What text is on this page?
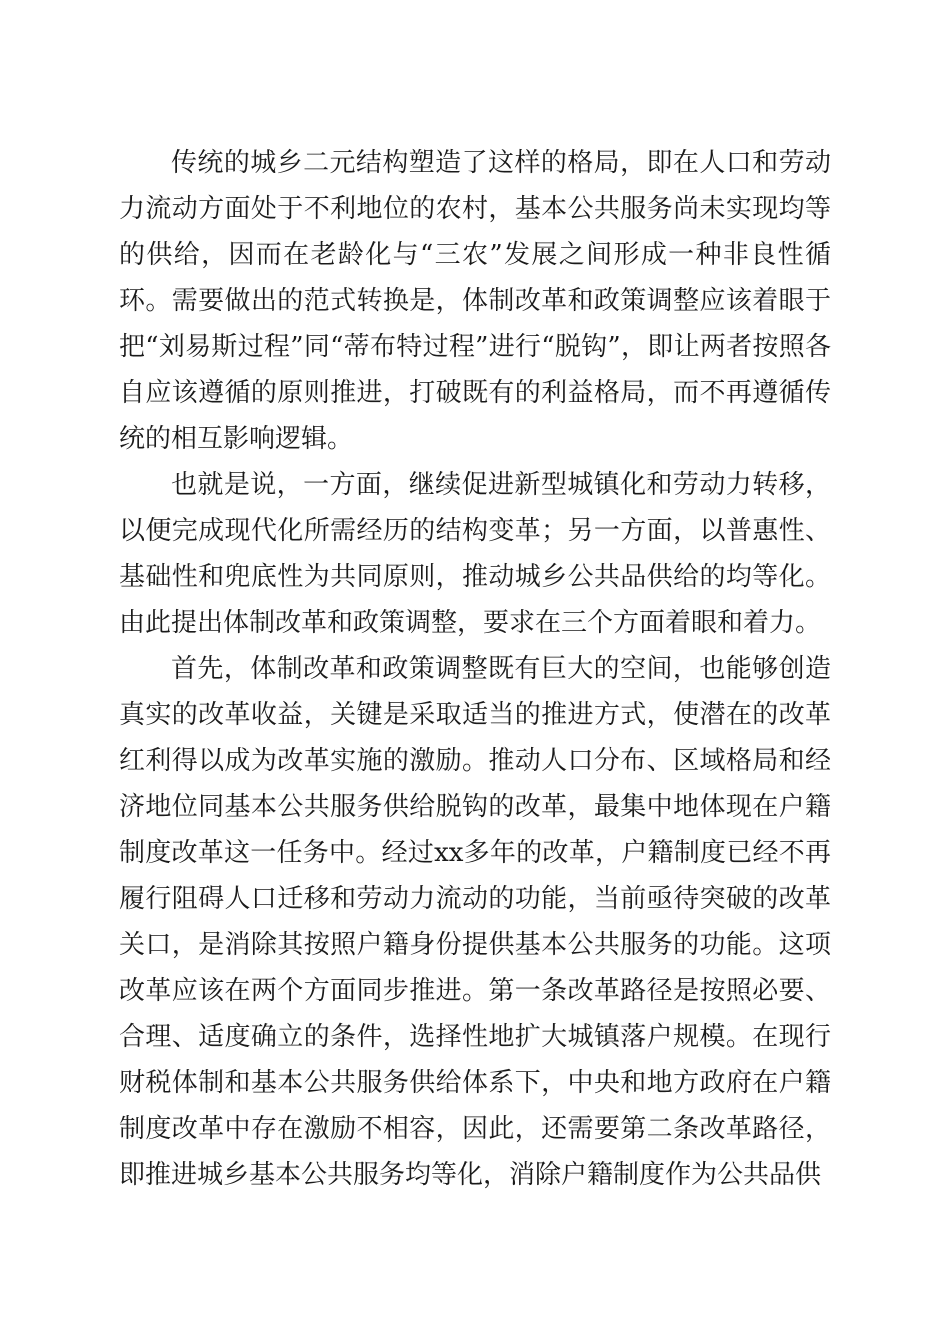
传统的城乡二元结构塑造了这样的格局，即在人口和劳动力流动方面处于不利地位的农村，基本公共服务尚未实现均等的供给，因而在老龄化与“三农”发展之间形成一种非良性循环。需要做出的范式转换是，体制改革和政策调整应该着眼于把“刘易斯过程”同“蒂布特过程”进行“脱钩”，即让两者按照各自应该遵循的原则推进，打破既有的利益格局，而不再遵循传统的相互影响逻辑。

也就是说，一方面，继续促进新型城镇化和劳动力转移，以便完成现代化所需经历的结构变革；另一方面，以普惠性、基础性和兜底性为共同原则，推动城乡公共品供给的均等化。由此提出体制改革和政策调整，要求在三个方面着眼和着力。

首先，体制改革和政策调整既有巨大的空间，也能够创造真实的改革收益，关键是采取适当的推进方式，使潜在的改革红利得以成为改革实施的激励。推动人口分布、区域格局和经济地位同基本公共服务供给脱钩的改革，最集中地体现在户籍制度改革这一任务中。经过xx多年的改革，户籍制度已经不再履行阻碍人口迁移和劳动力流动的功能，当前亟待突破的改革关口，是消除其按照户籍身份提供基本公共服务的功能。这项改革应该在两个方面同步推进。第一条改革路径是按照必要、合理、适度确立的条件，选择性地扩大城镇落户规模。在现行财税体制和基本公共服务供给体系下，中央和地方政府在户籍制度改革中存在激励不相容，因此，还需要第二条改革路径，即推进城乡基本公共服务均等化，消除户籍制度作为公共品供
